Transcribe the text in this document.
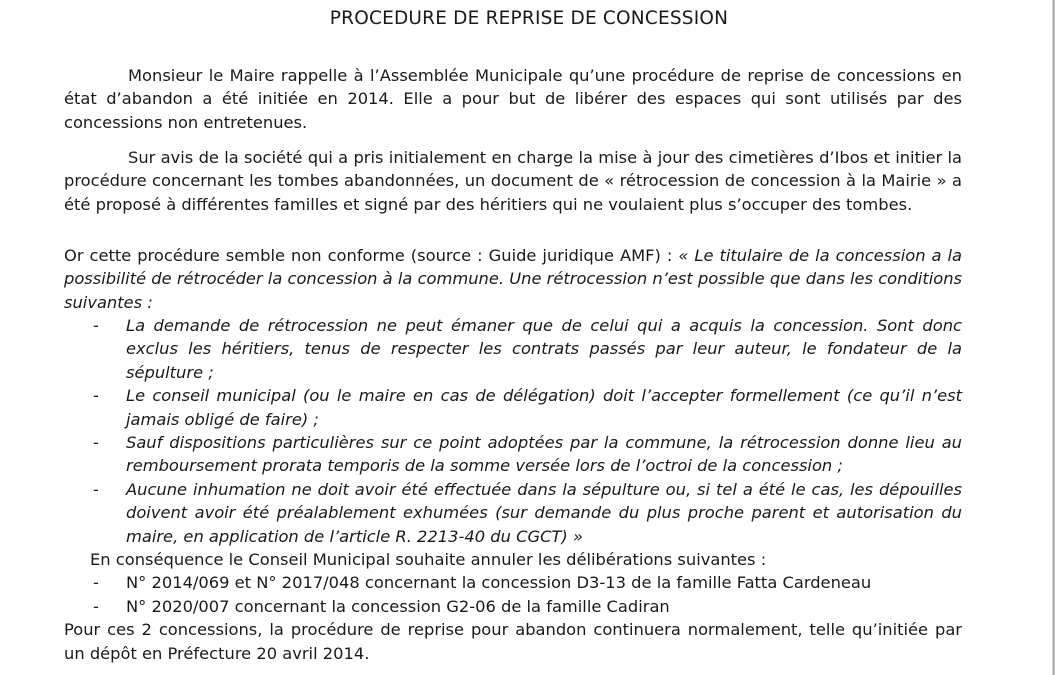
PROCEDURE DE REPRISE DE CONCESSION
Monsieur le Maire rappelle à l’Assemblée Municipale qu’une procédure de reprise de concessions en état d’abandon a été initiée en 2014. Elle a pour but de libérer des espaces qui sont utilisés par des concessions non entretenues.
Sur avis de la société qui a pris initialement en charge la mise à jour des cimetières d’Ibos et initier la procédure concernant les tombes abandonnées, un document de « rétrocession de concession à la Mairie » a été proposé à différentes familles et signé par des héritiers qui ne voulaient plus s’occuper des tombes.
Or cette procédure semble non conforme (source : Guide juridique AMF) : « Le titulaire de la concession a la possibilité de rétrocéder la concession à la commune. Une rétrocession n’est possible que dans les conditions suivantes :
- La demande de rétrocession ne peut émaner que de celui qui a acquis la concession. Sont donc exclus les héritiers, tenus de respecter les contrats passés par leur auteur, le fondateur de la sépulture ;
- Le conseil municipal (ou le maire en cas de délégation) doit l’accepter formellement (ce qu’il n’est jamais obligé de faire) ;
- Sauf dispositions particulières sur ce point adoptées par la commune, la rétrocession donne lieu au remboursement prorata temporis de la somme versée lors de l’octroi de la concession ;
- Aucune inhumation ne doit avoir été effectuée dans la sépulture ou, si tel a été le cas, les dépouilles doivent avoir été préalablement exhumées (sur demande du plus proche parent et autorisation du maire, en application de l’article R. 2213-40 du CGCT) »
En conséquence le Conseil Municipal souhaite annuler les délibérations suivantes :
- N° 2014/069 et N° 2017/048 concernant la concession D3-13 de la famille Fatta Cardeneau
- N° 2020/007 concernant la concession G2-06 de la famille Cadiran
Pour ces 2 concessions, la procédure de reprise pour abandon continuera normalement, telle qu’initiée par un dépôt en Préfecture 20 avril 2014.
